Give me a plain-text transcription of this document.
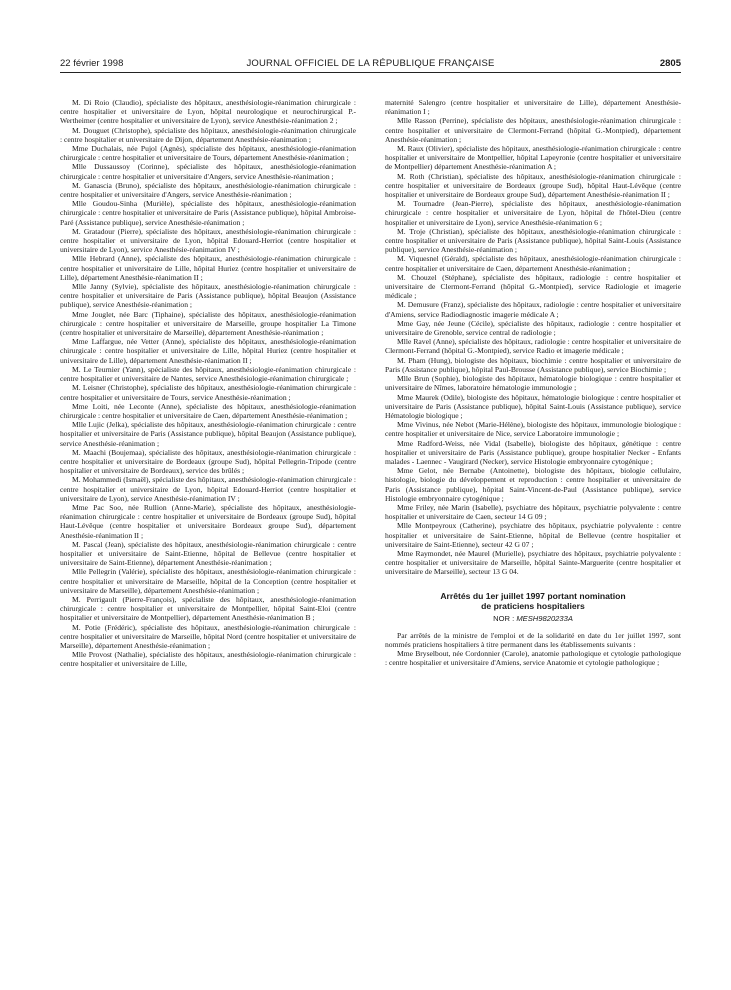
22 février 1998	JOURNAL OFFICIEL DE LA RÉPUBLIQUE FRANÇAISE	2805

M. Di Roio (Claudio), spécialiste des hôpitaux, anesthésiologie-réanimation chirurgicale : centre hospitalier et universitaire de Lyon, hôpital neurologique et neurochirurgical P.-Wertheimer (centre hospitalier et universitaire de Lyon), service Anesthésie-réanimation 2 ;

M. Douguet (Christophe), spécialiste des hôpitaux, anesthésiologie-réanimation chirurgicale : centre hospitalier et universitaire de Dijon, département Anesthésie-réanimation ;

Mme Duchalais, née Pujol (Agnès), spécialiste des hôpitaux, anesthésiologie-réanimation chirurgicale : centre hospitalier et universitaire de Tours, département Anesthésie-réanimation ;

Mlle Dussaussoy (Corinne), spécialiste des hôpitaux, anesthésiologie-réanimation chirurgicale : centre hospitalier et universitaire d'Angers, service Anesthésie-réanimation ;

M. Ganascia (Bruno), spécialiste des hôpitaux, anesthésiologie-réanimation chirurgicale : centre hospitalier et universitaire d'Angers, service Anesthésie-réanimation ;

Mlle Goudou-Sinha (Murièle), spécialiste des hôpitaux, anesthésiologie-réanimation chirurgicale : centre hospitalier et universitaire de Paris (Assistance publique), hôpital Ambroise-Paré (Assistance publique), service Anesthésie-réanimation ;

M. Gratadour (Pierre), spécialiste des hôpitaux, anesthésiologie-réanimation chirurgicale : centre hospitalier et universitaire de Lyon, hôpital Edouard-Herriot (centre hospitalier et universitaire de Lyon), service Anesthésie-réanimation IV ;

Mlle Hebrard (Anne), spécialiste des hôpitaux, anesthésiologie-réanimation chirurgicale : centre hospitalier et universitaire de Lille, hôpital Huriez (centre hospitalier et universitaire de Lille), département Anesthésie-réanimation II ;

Mlle Janny (Sylvie), spécialiste des hôpitaux, anesthésiologie-réanimation chirurgicale : centre hospitalier et universitaire de Paris (Assistance publique), hôpital Beaujon (Assistance publique), service Anesthésie-réanimation ;

Mme Jouglet, née Barc (Tiphaine), spécialiste des hôpitaux, anesthésiologie-réanimation chirurgicale : centre hospitalier et universitaire de Marseille, groupe hospitalier La Timone (centre hospitalier et universitaire de Marseille), département Anesthésie-réanimation ;

Mme Laffargue, née Vetter (Anne), spécialiste des hôpitaux, anesthésiologie-réanimation chirurgicale : centre hospitalier et universitaire de Lille, hôpital Huriez (centre hospitalier et universitaire de Lille), département Anesthésie-réanimation II ;

M. Le Teurnier (Yann), spécialiste des hôpitaux, anesthésiologie-réanimation chirurgicale : centre hospitalier et universitaire de Nantes, service Anesthésiologie-réanimation chirurgicale ;

M. Leisner (Christophe), spécialiste des hôpitaux, anesthésiologie-réanimation chirurgicale : centre hospitalier et universitaire de Tours, service Anesthésie-réanimation ;

Mme Loiti, née Leconte (Anne), spécialiste des hôpitaux, anesthésiologie-réanimation chirurgicale : centre hospitalier et universitaire de Caen, département Anesthésie-réanimation ;

Mlle Lujic (Jelka), spécialiste des hôpitaux, anesthésiologie-réanimation chirurgicale : centre hospitalier et universitaire de Paris (Assistance publique), hôpital Beaujon (Assistance publique), service Anesthésie-réanimation ;

M. Maachi (Boujemaa), spécialiste des hôpitaux, anesthésiologie-réanimation chirurgicale : centre hospitalier et universitaire de Bordeaux (groupe Sud), hôpital Pellegrin-Tripode (centre hospitalier et universitaire de Bordeaux), service des brûlés ;

M. Mohammedi (Ismaël), spécialiste des hôpitaux, anesthésiologie-réanimation chirurgicale : centre hospitalier et universitaire de Lyon, hôpital Edouard-Herriot (centre hospitalier et universitaire de Lyon), service Anesthésie-réanimation IV ;

Mme Pac Soo, née Rullion (Anne-Marie), spécialiste des hôpitaux, anesthésiologie-réanimation chirurgicale : centre hospitalier et universitaire de Bordeaux (groupe Sud), hôpital Haut-Lévêque (centre hospitalier et universitaire Bordeaux groupe Sud), département Anesthésie-réanimation II ;

M. Pascal (Jean), spécialiste des hôpitaux, anesthésiologie-réanimation chirurgicale : centre hospitalier et universitaire de Saint-Etienne, hôpital de Bellevue (centre hospitalier et universitaire de Saint-Etienne), département Anesthésie-réanimation ;

Mlle Pellegrin (Valérie), spécialiste des hôpitaux, anesthésiologie-réanimation chirurgicale : centre hospitalier et universitaire de Marseille, hôpital de la Conception (centre hospitalier et universitaire de Marseille), département Anesthésie-réanimation ;

M. Perrigault (Pierre-François), spécialiste des hôpitaux, anesthésiologie-réanimation chirurgicale : centre hospitalier et universitaire de Montpellier, hôpital Saint-Eloi (centre hospitalier et universitaire de Montpellier), département Anesthésie-réanimation B ;

M. Potie (Frédéric), spécialiste des hôpitaux, anesthésiologie-réanimation chirurgicale : centre hospitalier et universitaire de Marseille, hôpital Nord (centre hospitalier et universitaire de Marseille), département Anesthésie-réanimation ;

Mlle Provost (Nathalie), spécialiste des hôpitaux, anesthésiologie-réanimation chirurgicale : centre hospitalier et universitaire de Lille,

maternité Salengro (centre hospitalier et universitaire de Lille), département Anesthésie-réanimation I ;

Mlle Rasson (Perrine), spécialiste des hôpitaux, anesthésiologie-réanimation chirurgicale : centre hospitalier et universitaire de Clermont-Ferrand (hôpital G.-Montpied), département Anesthésie-réanimation ;

M. Raux (Olivier), spécialiste des hôpitaux, anesthésiologie-réanimation chirurgicale : centre hospitalier et universitaire de Montpellier, hôpital Lapeyronie (centre hospitalier et universitaire de Montpellier) département Anesthésie-réanimation A ;

M. Roth (Christian), spécialiste des hôpitaux, anesthésiologie-réanimation chirurgicale : centre hospitalier et universitaire de Bordeaux (groupe Sud), hôpital Haut-Lévêque (centre hospitalier et universitaire de Bordeaux groupe Sud), département Anesthésie-réanimation II ;

M. Tournadre (Jean-Pierre), spécialiste des hôpitaux, anesthésiologie-réanimation chirurgicale : centre hospitalier et universitaire de Lyon, hôpital de l'hôtel-Dieu (centre hospitalier et universitaire de Lyon), service Anesthésie-réanimation 6 ;

M. Troje (Christian), spécialiste des hôpitaux, anesthésiologie-réanimation chirurgicale : centre hospitalier et universitaire de Paris (Assistance publique), hôpital Saint-Louis (Assistance publique), service Anesthésie-réanimation ;

M. Viquesnel (Gérald), spécialiste des hôpitaux, anesthésiologie-réanimation chirurgicale : centre hospitalier et universitaire de Caen, département Anesthésie-réanimation ;

M. Chouzel (Stéphane), spécialiste des hôpitaux, radiologie : centre hospitalier et universitaire de Clermont-Ferrand (hôpital G.-Montpied), service Radiologie et imagerie médicale ;

M. Demusure (Franz), spécialiste des hôpitaux, radiologie : centre hospitalier et universitaire d'Amiens, service Radiodiagnostic imagerie médicale A ;

Mme Gay, née Jeune (Cécile), spécialiste des hôpitaux, radiologie : centre hospitalier et universitaire de Grenoble, service central de radiologie ;

Mlle Ravel (Anne), spécialiste des hôpitaux, radiologie : centre hospitalier et universitaire de Clermont-Ferrand (hôpital G.-Montpied), service Radio et imagerie médicale ;

M. Pham (Hung), biologiste des hôpitaux, biochimie : centre hospitalier et universitaire de Paris (Assistance publique), hôpital Paul-Brousse (Assistance publique), service Biochimie ;

Mlle Brun (Sophie), biologiste des hôpitaux, hématologie biologique : centre hospitalier et universitaire de Nîmes, laboratoire hématologie immunologie ;

Mme Maurek (Odile), biologiste des hôpitaux, hématologie biologique : centre hospitalier et universitaire de Paris (Assistance publique), hôpital Saint-Louis (Assistance publique), service Hématologie biologique ;

Mme Vivinus, née Nebot (Marie-Hélène), biologiste des hôpitaux, immunologie biologique : centre hospitalier et universitaire de Nice, service Laboratoire immunologie ;

Mme Radford-Weiss, née Vidal (Isabelle), biologiste des hôpitaux, génétique : centre hospitalier et universitaire de Paris (Assistance publique), groupe hospitalier Necker - Enfants malades - Laennec - Vaugirard (Necker), service Histologie embryonnaire cytogénique ;

Mme Gelot, née Bernabe (Antoinette), biologiste des hôpitaux, biologie cellulaire, histologie, biologie du développement et reproduction : centre hospitalier et universitaire de Paris (Assistance publique), hôpital Saint-Vincent-de-Paul (Assistance publique), service Histologie embryonnaire cytogénique ;

Mme Friley, née Marin (Isabelle), psychiatre des hôpitaux, psychiatrie polyvalente : centre hospitalier et universitaire de Caen, secteur 14 G 09 ;

Mlle Montpeyroux (Catherine), psychiatre des hôpitaux, psychiatrie polyvalente : centre hospitalier et universitaire de Saint-Etienne, hôpital de Bellevue (centre hospitalier et universitaire de Saint-Etienne), secteur 42 G 07 ;

Mme Raymondet, née Maurel (Murielle), psychiatre des hôpitaux, psychiatrie polyvalente : centre hospitalier et universitaire de Marseille, hôpital Sainte-Marguerite (centre hospitalier et universitaire de Marseille), secteur 13 G 04.

Arrêtés du 1er juillet 1997 portant nomination
de praticiens hospitaliers
NOR : MESH9820233A

Par arrêtés de la ministre de l'emploi et de la solidarité en date du 1er juillet 1997, sont nommés praticiens hospitaliers à titre permanent dans les établissements suivants :

Mme Bryselbout, née Cordonnier (Carole), anatomie pathologique et cytologie pathologique : centre hospitalier et universitaire d'Amiens, service Anatomie et cytologie pathologique ;
